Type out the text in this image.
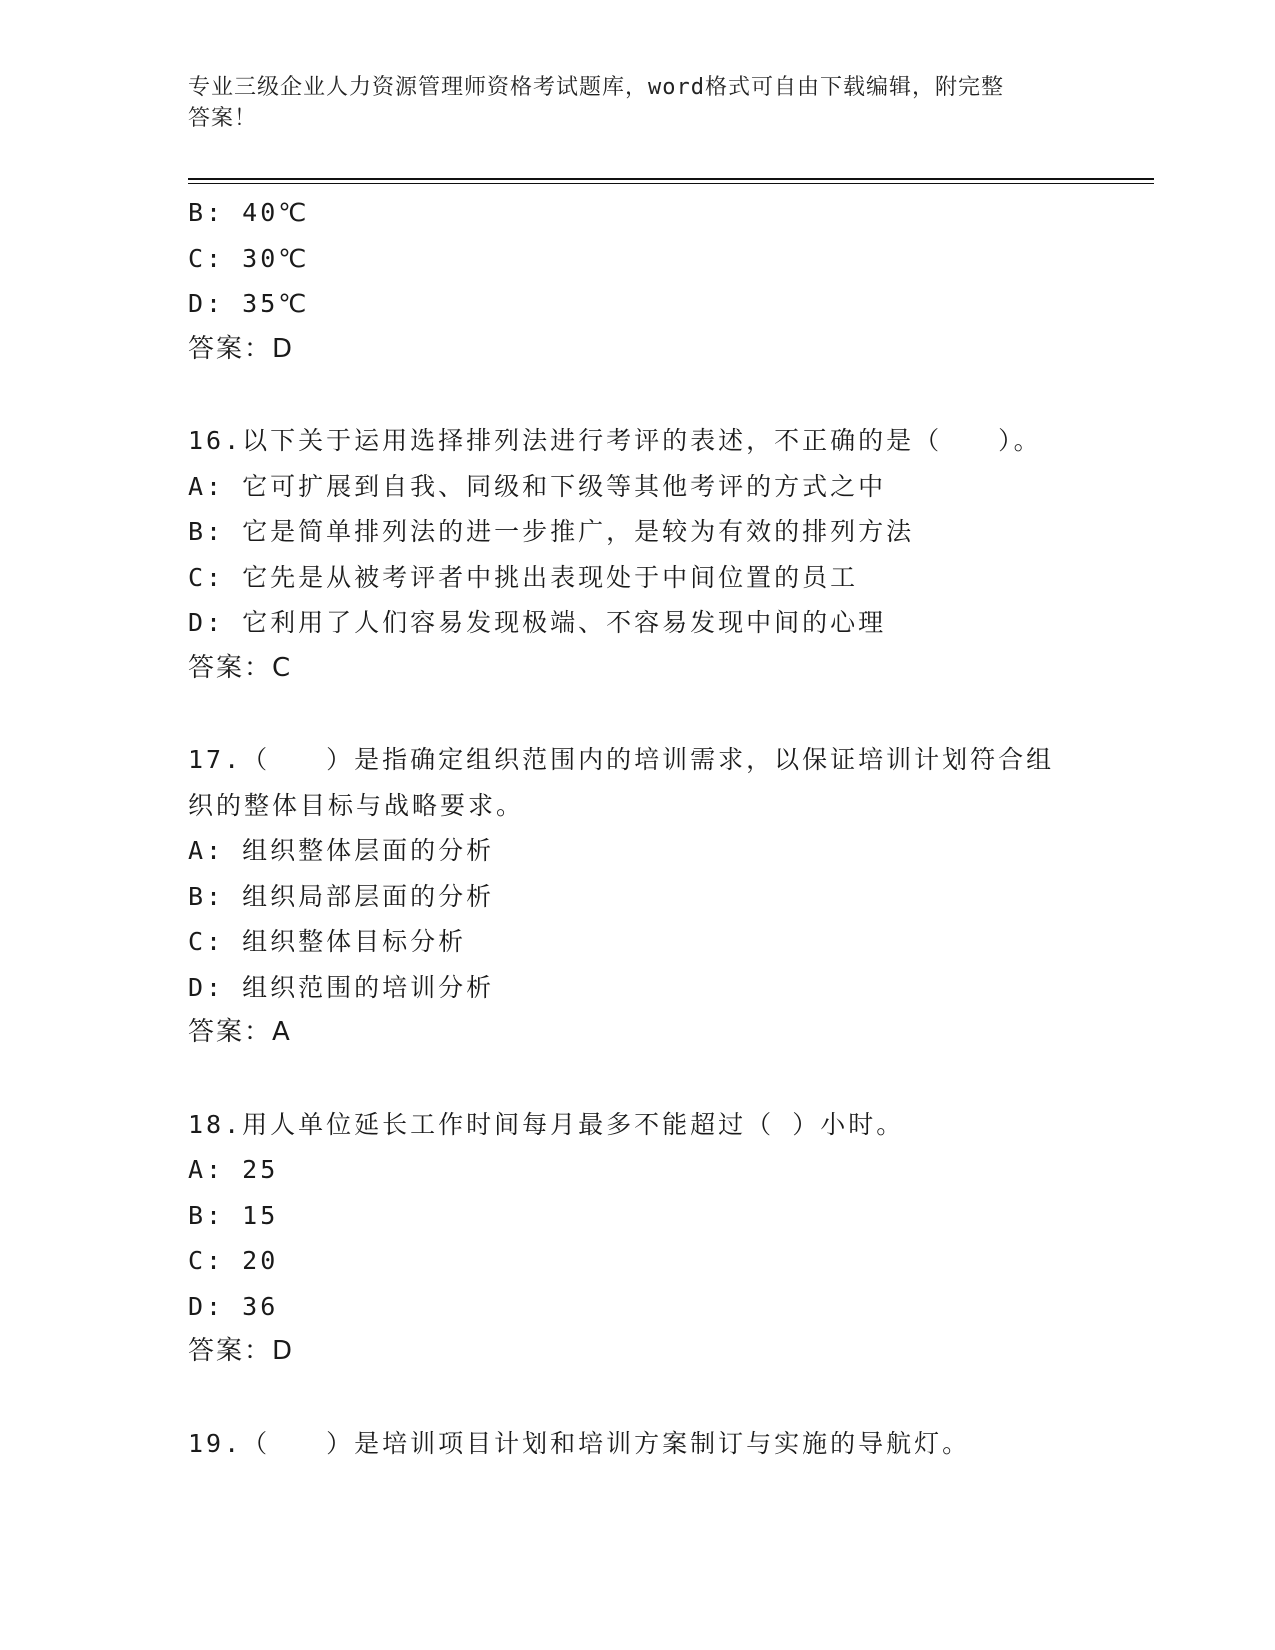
专业三级企业人力资源管理师资格考试题库，word格式可自由下载编辑，附完整
答案！
B: 40℃
C: 30℃
D: 35℃
答案：D
16.以下关于运用选择排列法进行考评的表述，不正确的是（　　）。
A: 它可扩展到自我、同级和下级等其他考评的方式之中
B: 它是简单排列法的进一步推广，是较为有效的排列方法
C: 它先是从被考评者中挑出表现处于中间位置的员工
D: 它利用了人们容易发现极端、不容易发现中间的心理
答案：C
17.（　　）是指确定组织范围内的培训需求，以保证培训计划符合组
织的整体目标与战略要求。
A: 组织整体层面的分析
B: 组织局部层面的分析
C: 组织整体目标分析
D: 组织范围的培训分析
答案：A
18.用人单位延长工作时间每月最多不能超过（ ）小时。
A: 25
B: 15
C: 20
D: 36
答案：D
19.（　　）是培训项目计划和培训方案制订与实施的导航灯。
